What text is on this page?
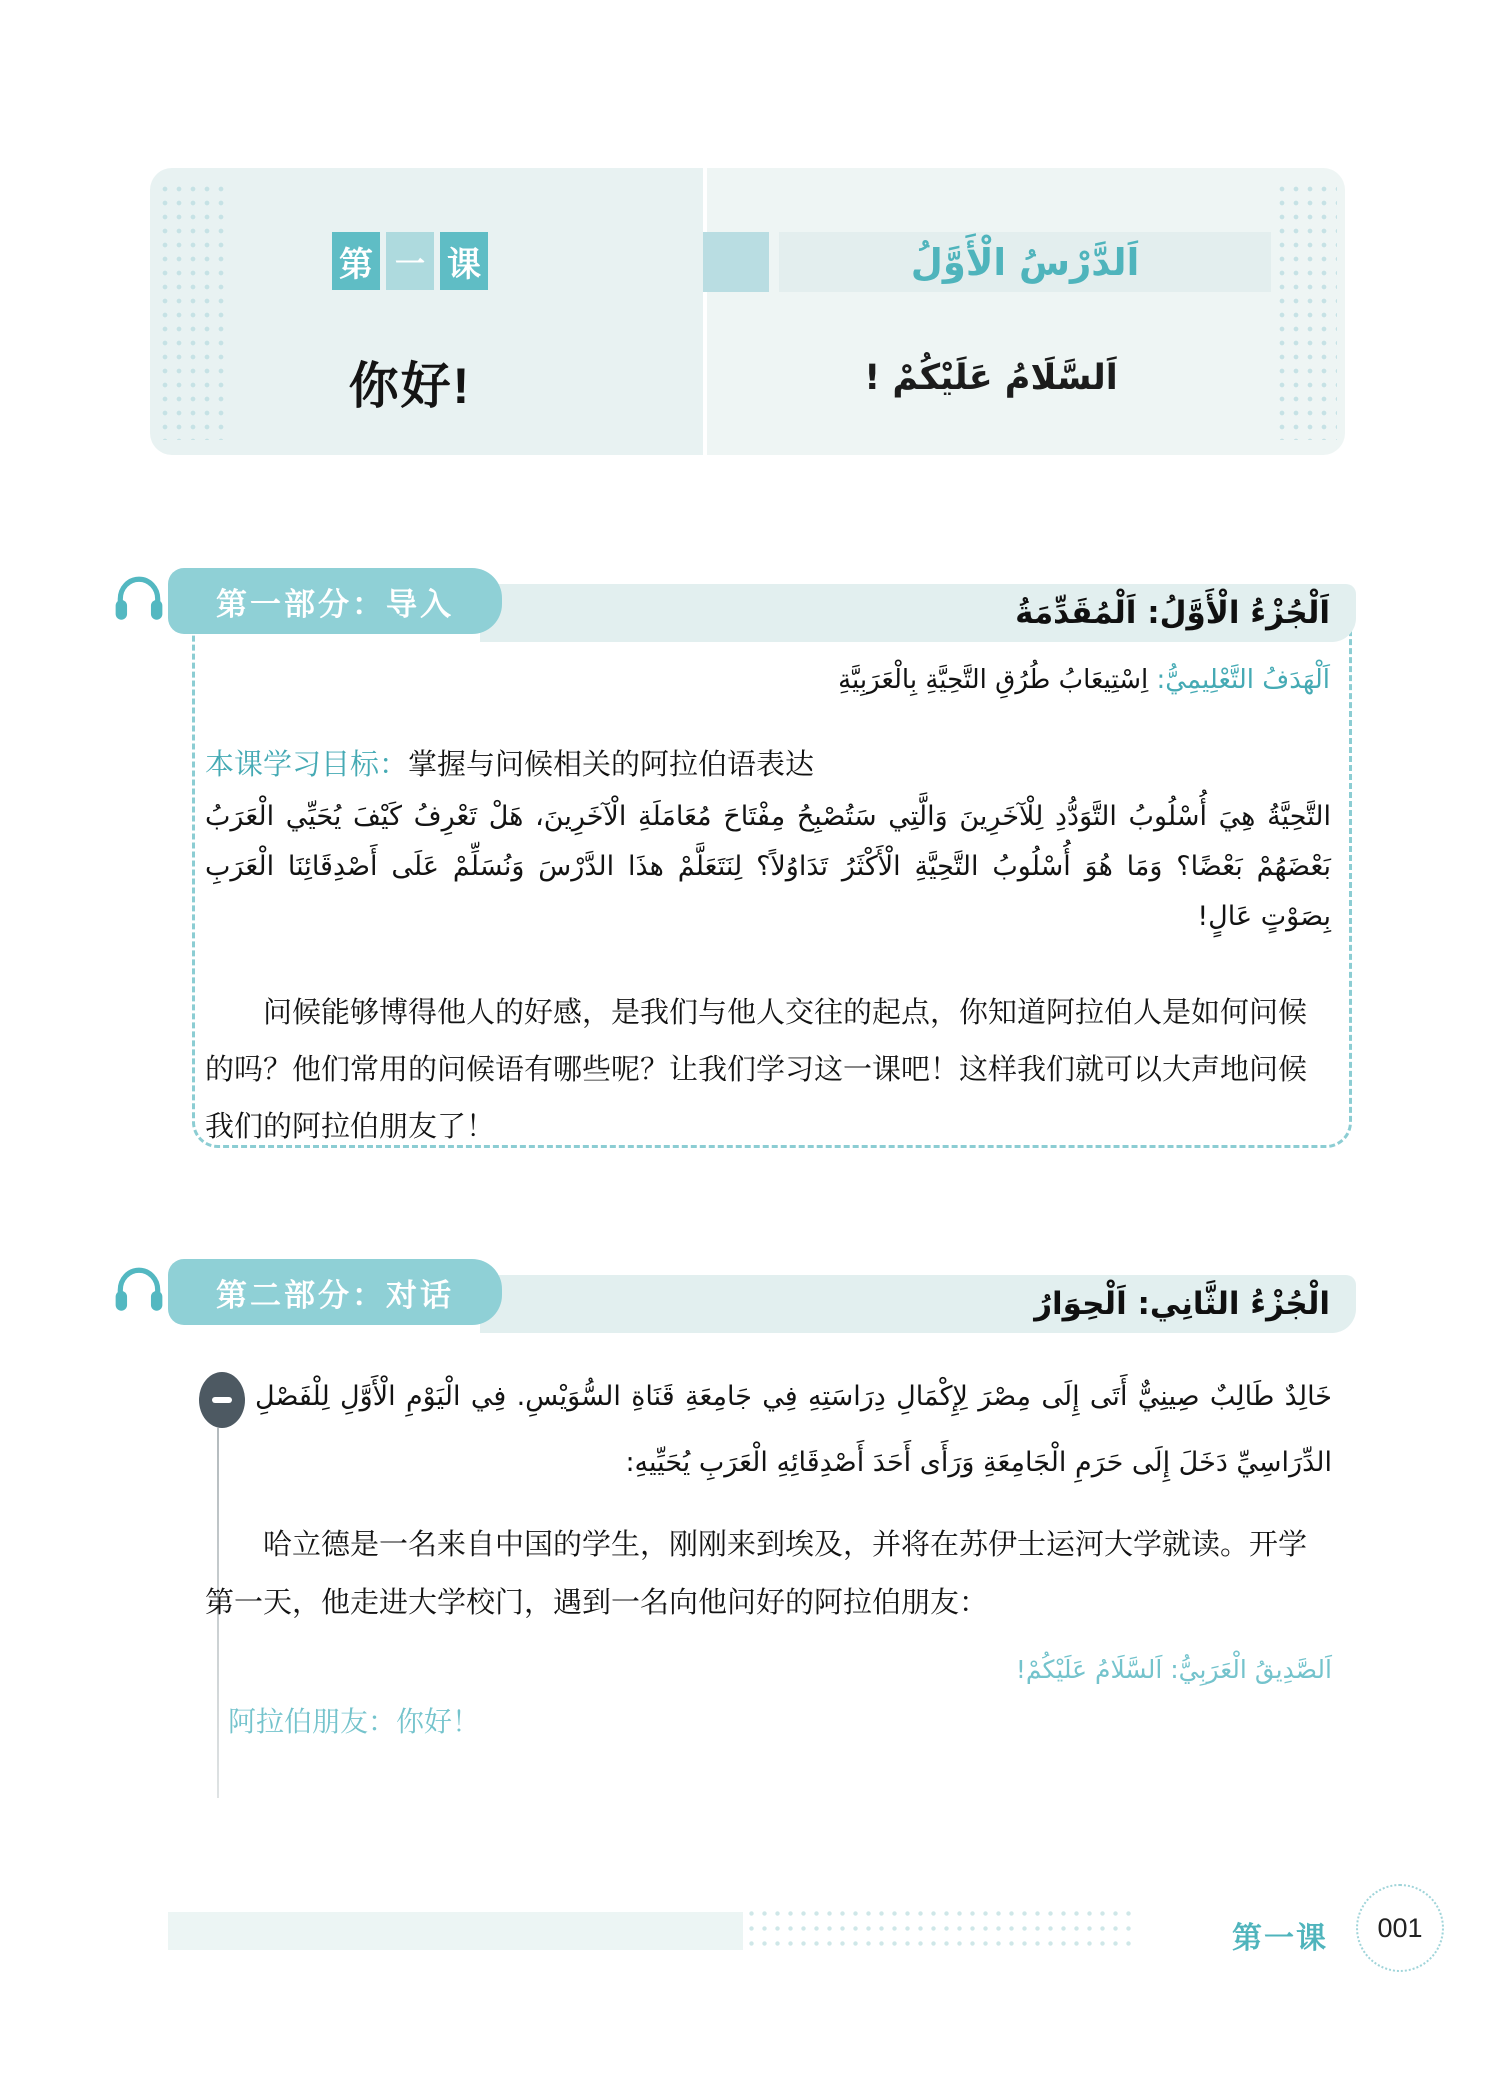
第 一 课
你好!
اَلدَّرْسُ الْأَوَّلُ
اَلسَّلَامُ عَلَيْكُمْ !
第一部分：导入	اَلْجُزْءُ الْأَوَّلُ: اَلْمُقَدِّمَةُ
اَلْهَدَفُ التَّعْلِيمِيُّ: اِسْتِيعَابُ طُرُقِ التَّحِيَّةِ بِالْعَرَبِيَّةِ
本课学习目标：掌握与问候相关的阿拉伯语表达
التَّحِيَّةُ هِيَ أُسْلُوبُ التَّوَدُّدِ لِلْآخَرِينَ وَالَّتِي سَتُصْبِحُ مِفْتَاحَ مُعَامَلَةِ الْآخَرِينَ، هَلْ تَعْرِفُ كَيْفَ يُحَيِّي الْعَرَبُ بَعْضَهُمْ بَعْضًا؟ وَمَا هُوَ أُسْلُوبُ التَّحِيَّةِ الْأَكْثَرُ تَدَاوُلاً؟ لِنَتَعَلَّمْ هذَا الدَّرْسَ وَنُسَلِّمْ عَلَى أَصْدِقَائِنَا الْعَرَبِ بِصَوْتٍ عَالٍ!
问候能够博得他人的好感，是我们与他人交往的起点，你知道阿拉伯人是如何问候的吗？他们常用的问候语有哪些呢？让我们学习这一课吧！这样我们就可以大声地问候我们的阿拉伯朋友了！
第二部分：对话	الْجُزْءُ الثَّانِي: اَلْحِوَارُ
خَالِدٌ طَالِبٌ صِينِيٌّ أَتَى إِلَى مِصْرَ لِإِكْمَالِ دِرَاسَتِهِ فِي جَامِعَةِ قَنَاةِ السُّوَيْسِ. فِي الْيَوْمِ الْأَوَّلِ لِلْفَصْلِ الدِّرَاسِيِّ دَخَلَ إِلَى حَرَمِ الْجَامِعَةِ وَرَأَى أَحَدَ أَصْدِقَائِهِ الْعَرَبِ يُحَيِّيهِ:
哈立德是一名来自中国的学生，刚刚来到埃及，并将在苏伊士运河大学就读。开学第一天，他走进大学校门，遇到一名向他问好的阿拉伯朋友：
اَلصَّدِيقُ الْعَرَبِيُّ: اَلسَّلَامُ عَلَيْكُمْ!
阿拉伯朋友：你好！
第一课 001
